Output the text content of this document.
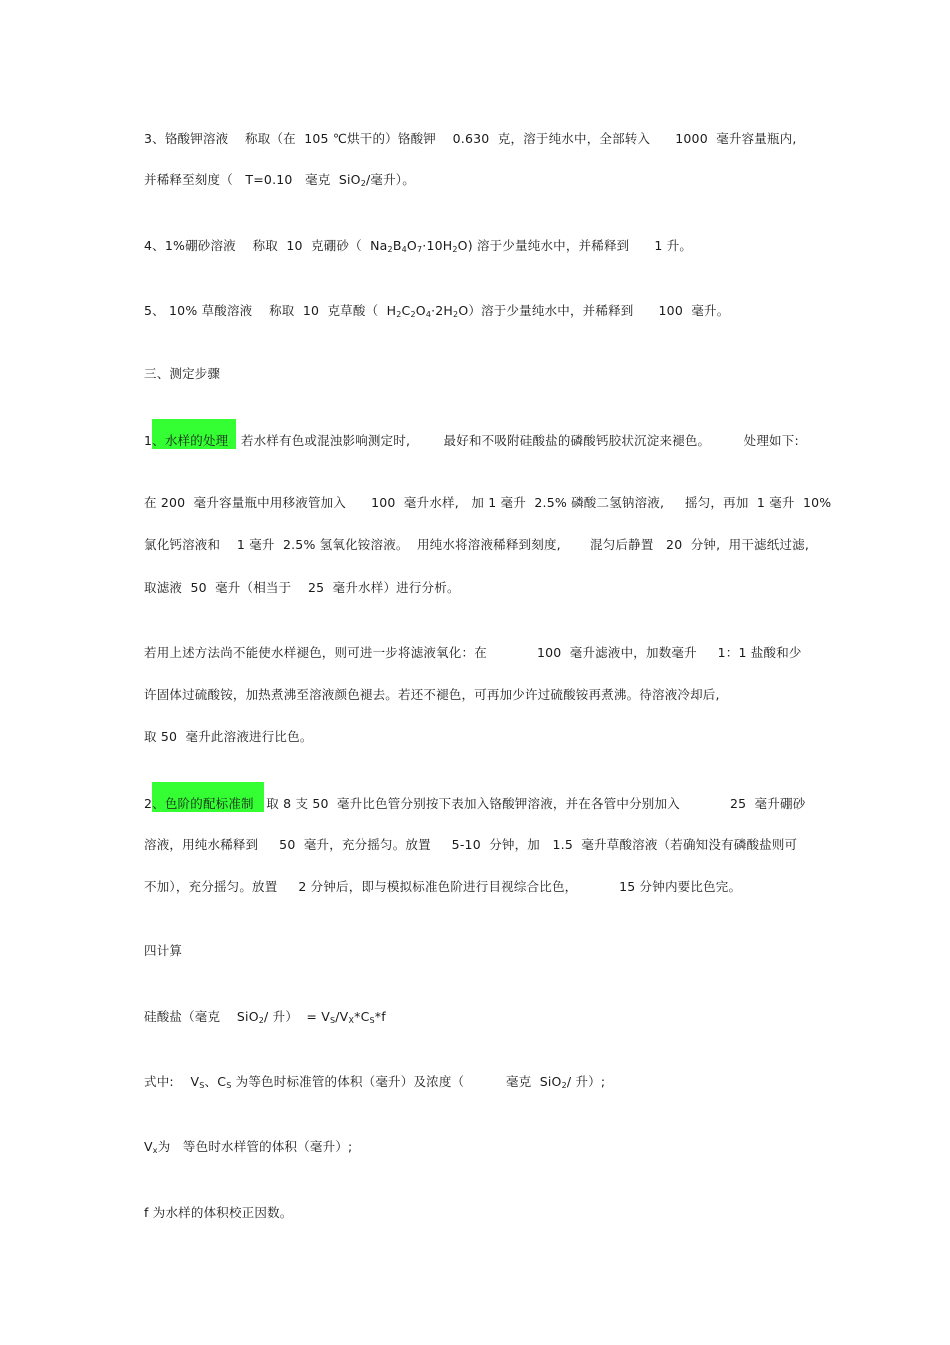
3、铬酸钾溶液    称取（在  105 ℃烘干的）铬酸钾    0.630  克，溶于纯水中，全部转入      1000  毫升容量瓶内,
并稀释至刻度（   T=0.10   毫克  SiO$_2$/毫升）。
4、1%硼砂溶液    称取  10  克硼砂（  $Na_2B_4O_7\cdot 10H_2O$) 溶于少量纯水中，并稀释到      1 升。
5、 10% 草酸溶液    称取  10  克草酸（  $H_2C_2O_4\cdot 2H_2O$）溶于少量纯水中，并稀释到      100  毫升。
三、测定步骤
1、水样的处理   若水样有色或混浊影响测定时,        最好和不吸附硅酸盐的磷酸钙胶状沉淀来褪色。        处理如下:
在 200  毫升容量瓶中用移液管加入      100  毫升水样,   加 1 毫升  2.5% 磷酸二氢钠溶液,     摇匀，再加  1 毫升  10%
氯化钙溶液和    1 毫升  2.5% 氢氧化铵溶液。  用纯水将溶液稀释到刻度,       混匀后静置   20  分钟,  用干滤纸过滤,
取滤液  50  毫升（相当于    25  毫升水样）进行分析。
若用上述方法尚不能使水样褪色，则可进一步将滤液氧化：在            100  毫升滤液中，加数毫升     1：1 盐酸和少
许固体过硫酸铵，加热煮沸至溶液颜色褪去。若还不褪色，可再加少许过硫酸铵再煮沸。待溶液冷却后,
取 50  毫升此溶液进行比色。
2、色阶的配标准制   取 8 支 50  毫升比色管分别按下表加入铬酸钾溶液，并在各管中分别加入            25  毫升硼砂
溶液，用纯水稀释到     50  毫升，充分摇匀。放置     5-10  分钟，加   1.5  毫升草酸溶液（若确知没有磷酸盐则可
不加），充分摇匀。放置     2 分钟后，即与模拟标准色阶进行目视综合比色，          15 分钟内要比色完。
四计算
硅酸盐（毫克    SiO$_2$/ 升）  = $V_S/V_X*C_S*f$
式中:    $V_S$、$C_S$ 为等色时标准管的体积（毫升）及浓度（          毫克  SiO$_2$/ 升）;
$V_x$为   等色时水样管的体积（毫升）;
f 为水样的体积校正因数。
